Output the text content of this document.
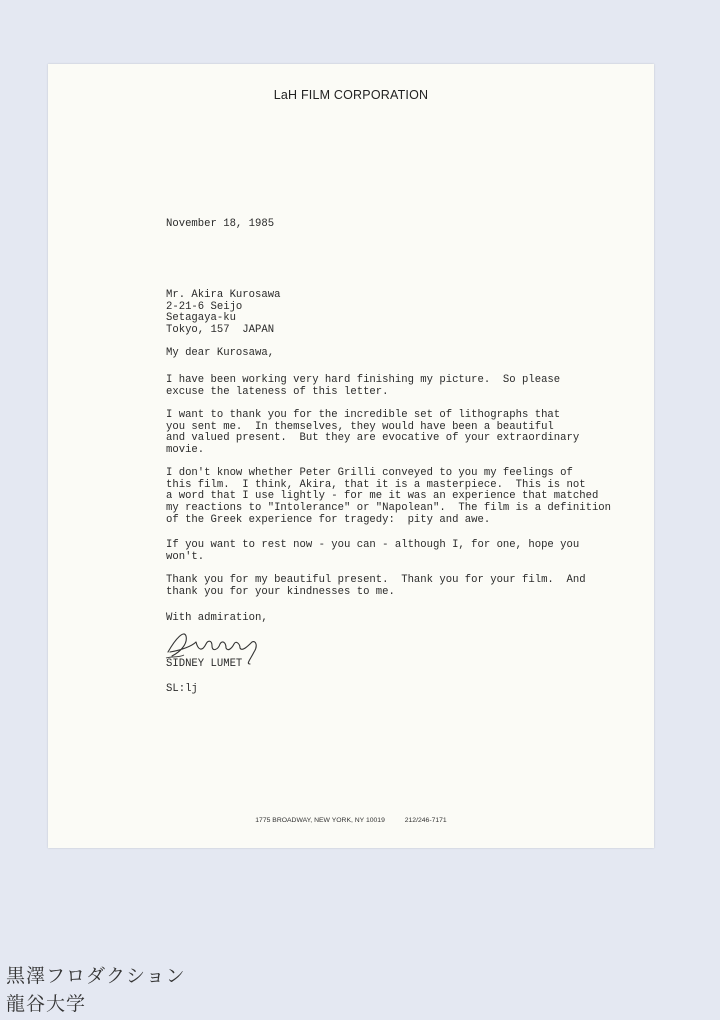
LaH FILM CORPORATION
November 18, 1985
Mr. Akira Kurosawa
2-21-6 Seijo
Setagaya-ku
Tokyo, 157  JAPAN
My dear Kurosawa,
I have been working very hard finishing my picture.  So please
excuse the lateness of this letter.
I want to thank you for the incredible set of lithographs that
you sent me.  In themselves, they would have been a beautiful
and valued present.  But they are evocative of your extraordinary
movie.
I don't know whether Peter Grilli conveyed to you my feelings of
this film.  I think, Akira, that it is a masterpiece.  This is not
a word that I use lightly - for me it was an experience that matched
my reactions to "Intolerance" or "Napolean".  The film is a definition
of the Greek experience for tragedy:  pity and awe.
If you want to rest now - you can - although I, for one, hope you
won't.
Thank you for my beautiful present.  Thank you for your film.  And
thank you for your kindnesses to me.
With admiration,
SIDNEY LUMET
SL:lj
1775 BROADWAY, NEW YORK, NY 10019	212/246-7171
黒澤フロダクション
龍谷大学
